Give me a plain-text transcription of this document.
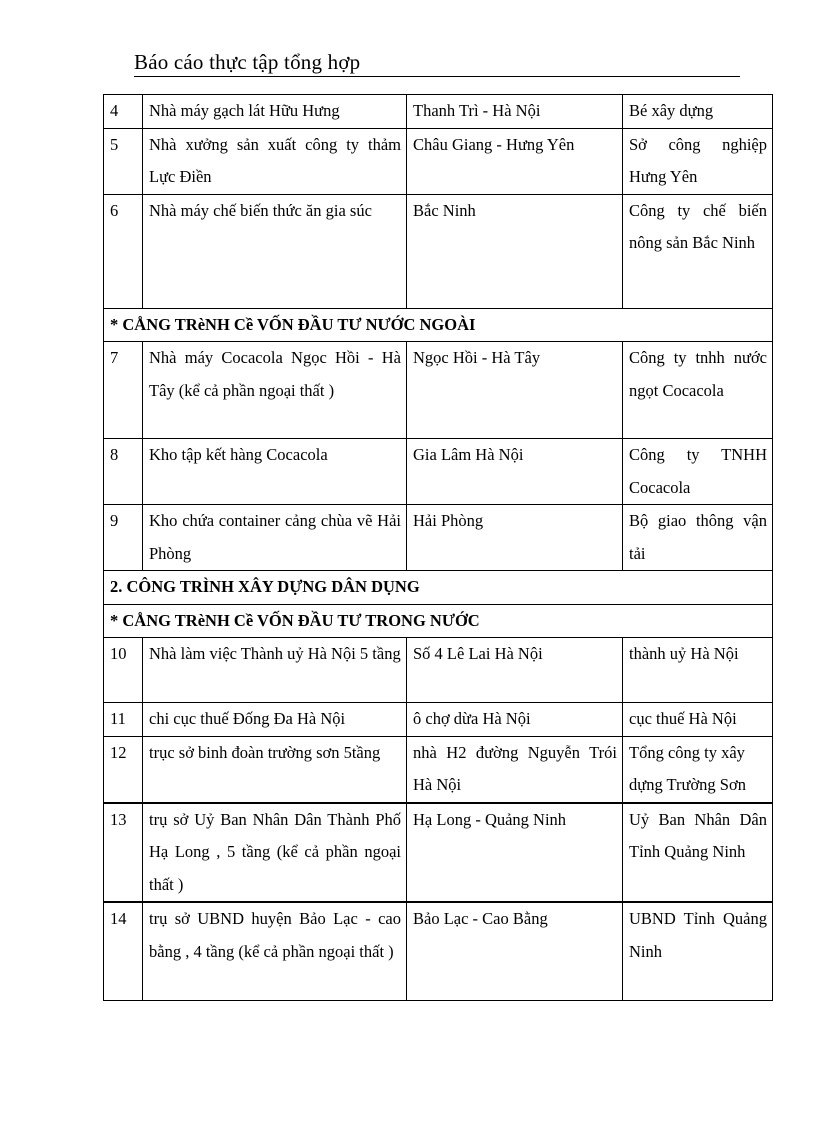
Báo cáo thực tập tổng hợp
4	Nhà máy gạch lát Hữu Hưng	Thanh Trì - Hà Nội	Bé xây dựng
5	Nhà xưởng sản xuất công ty thảm Lực Điền	Châu Giang - Hưng Yên	Sở công nghiệp Hưng Yên
6	Nhà máy chế biến thức ăn gia súc	Bắc Ninh	Công ty chế biến nông sản Bắc Ninh
* CÅNG TRèNH Cề VỐN ĐẦU TƯ NƯỚC NGOÀI			
7	Nhà máy Cocacola Ngọc Hồi - Hà Tây (kể cả phần ngoại thất )	Ngọc Hồi - Hà Tây	Công ty tnhh nước ngọt Cocacola
8	Kho tập kết hàng Cocacola	Gia Lâm Hà Nội	Công ty TNHH Cocacola
9	Kho chứa container cảng chùa vẽ Hải Phòng	Hải Phòng	Bộ giao thông vận tải
2. CÔNG TRÌNH XÂY DỰNG DÂN DỤNG			
* CÅNG TRèNH Cề VỐN ĐẦU TƯ TRONG NƯỚC			
10	Nhà làm việc Thành uỷ Hà Nội 5 tầng	Số 4 Lê Lai Hà Nội	thành uỷ Hà Nội
11	chi cục thuế Đống Đa Hà Nội	ô chợ dừa Hà Nội	cục thuế Hà Nội
12	trục sở binh đoàn trường sơn 5tầng	nhà H2 đường Nguyễn Trói Hà Nội	Tổng công ty xây dựng Trường Sơn
13	trụ sở Uỷ Ban Nhân Dân Thành Phố Hạ Long , 5 tầng (kể cả phần ngoại thất )	Hạ Long - Quảng Ninh	Uỷ Ban Nhân Dân Tỉnh Quảng Ninh
14	trụ sở UBND huyện Bảo Lạc - cao bằng , 4 tầng (kể cả phần ngoại thất )	Bảo Lạc - Cao Bằng	UBND Tỉnh Quảng Ninh
